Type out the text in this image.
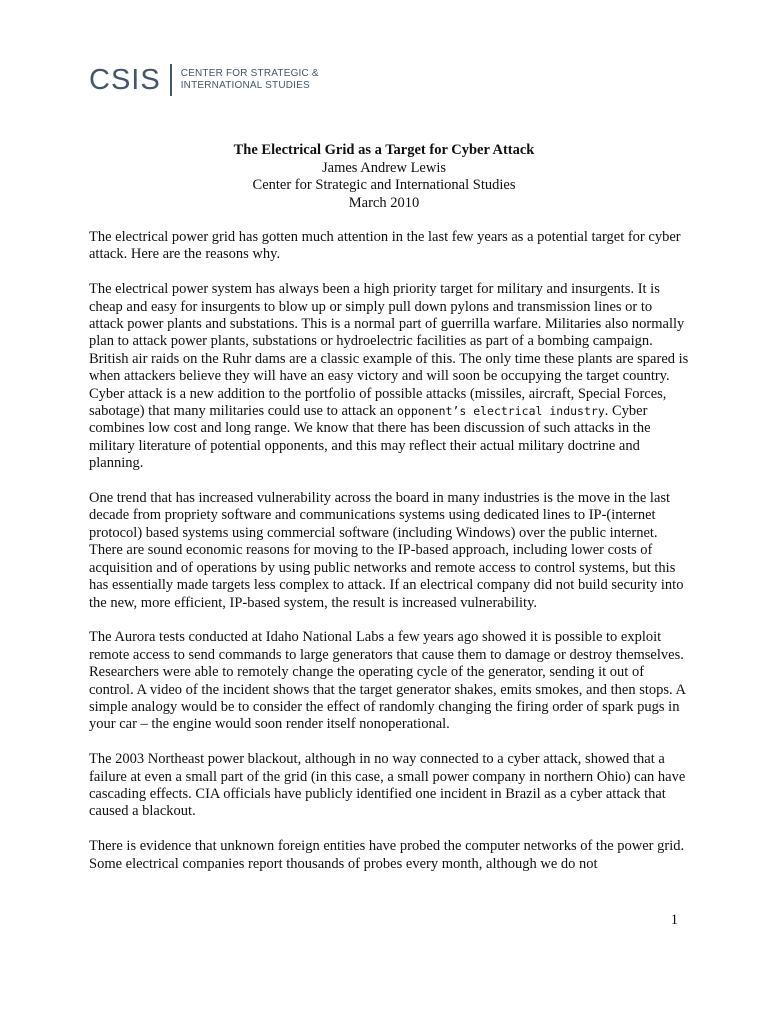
CSIS CENTER FOR STRATEGIC &
INTERNATIONAL STUDIES
The Electrical Grid as a Target for Cyber Attack
James Andrew Lewis
Center for Strategic and International Studies
March 2010

The electrical power grid has gotten much attention in the last few years as a potential target for cyber attack. Here are the reasons why.

The electrical power system has always been a high priority target for military and insurgents. It is cheap and easy for insurgents to blow up or simply pull down pylons and transmission lines or to attack power plants and substations. This is a normal part of guerrilla warfare. Militaries also normally plan to attack power plants, substations or hydroelectric facilities as part of a bombing campaign. British air raids on the Ruhr dams are a classic example of this. The only time these plants are spared is when attackers believe they will have an easy victory and will soon be occupying the target country. Cyber attack is a new addition to the portfolio of possible attacks (missiles, aircraft, Special Forces, sabotage) that many militaries could use to attack an opponent’s electrical industry. Cyber combines low cost and long range. We know that there has been discussion of such attacks in the military literature of potential opponents, and this may reflect their actual military doctrine and planning.

One trend that has increased vulnerability across the board in many industries is the move in the last decade from propriety software and communications systems using dedicated lines to IP-(internet protocol) based systems using commercial software (including Windows) over the public internet. There are sound economic reasons for moving to the IP-based approach, including lower costs of acquisition and of operations by using public networks and remote access to control systems, but this has essentially made targets less complex to attack. If an electrical company did not build security into the new, more efficient, IP-based system, the result is increased vulnerability.

The Aurora tests conducted at Idaho National Labs a few years ago showed it is possible to exploit remote access to send commands to large generators that cause them to damage or destroy themselves. Researchers were able to remotely change the operating cycle of the generator, sending it out of control. A video of the incident shows that the target generator shakes, emits smokes, and then stops. A simple analogy would be to consider the effect of randomly changing the firing order of spark pugs in your car – the engine would soon render itself nonoperational.

The 2003 Northeast power blackout, although in no way connected to a cyber attack, showed that a failure at even a small part of the grid (in this case, a small power company in northern Ohio) can have cascading effects. CIA officials have publicly identified one incident in Brazil as a cyber attack that caused a blackout.

There is evidence that unknown foreign entities have probed the computer networks of the power grid. Some electrical companies report thousands of probes every month, although we do not

1
